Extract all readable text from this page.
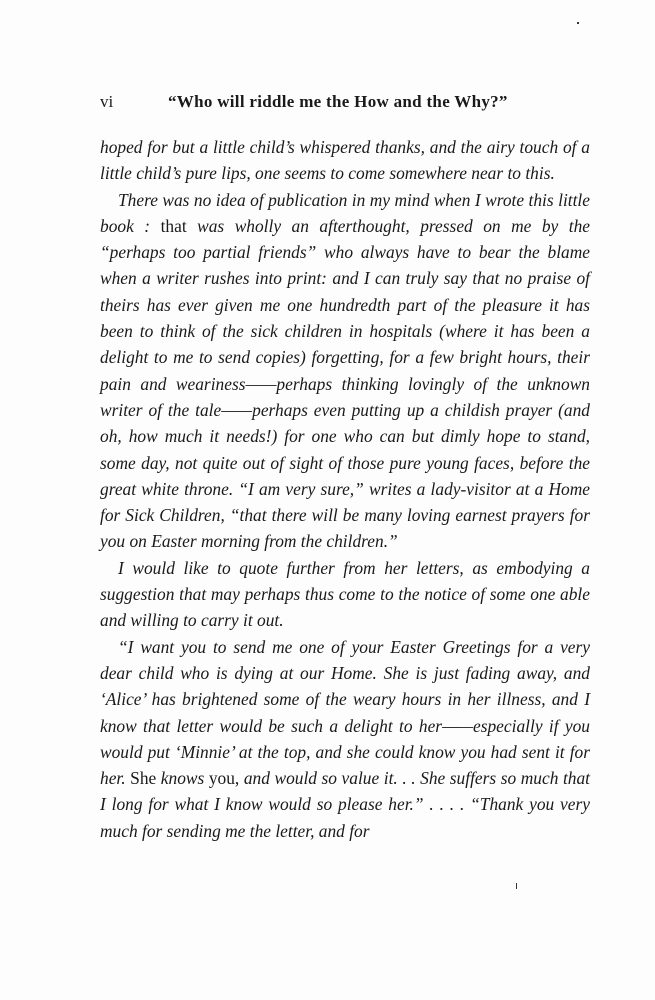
vi	“Who will riddle me the How and the Why?”

hoped for but a little child’s whispered thanks, and the airy touch of a little child’s pure lips, one seems to come somewhere near to this.

There was no idea of publication in my mind when I wrote this little book : that was wholly an afterthought, pressed on me by the “perhaps too partial friends” who always have to bear the blame when a writer rushes into print: and I can truly say that no praise of theirs has ever given me one hundredth part of the pleasure it has been to think of the sick children in hospitals (where it has been a delight to me to send copies) forgetting, for a few bright hours, their pain and weariness——perhaps thinking lovingly of the unknown writer of the tale——perhaps even putting up a childish prayer (and oh, how much it needs!) for one who can but dimly hope to stand, some day, not quite out of sight of those pure young faces, before the great white throne. “I am very sure,” writes a lady-visitor at a Home for Sick Children, “that there will be many loving earnest prayers for you on Easter morning from the children.”

I would like to quote further from her letters, as embodying a suggestion that may perhaps thus come to the notice of some one able and willing to carry it out.

“I want you to send me one of your Easter Greetings for a very dear child who is dying at our Home. She is just fading away, and ‘Alice’ has brightened some of the weary hours in her illness, and I know that letter would be such a delight to her——especially if you would put ‘Minnie’ at the top, and she could know you had sent it for her. She knows you, and would so value it. . . She suffers so much that I long for what I know would so please her.” . . . . “Thank you very much for sending me the letter, and for
